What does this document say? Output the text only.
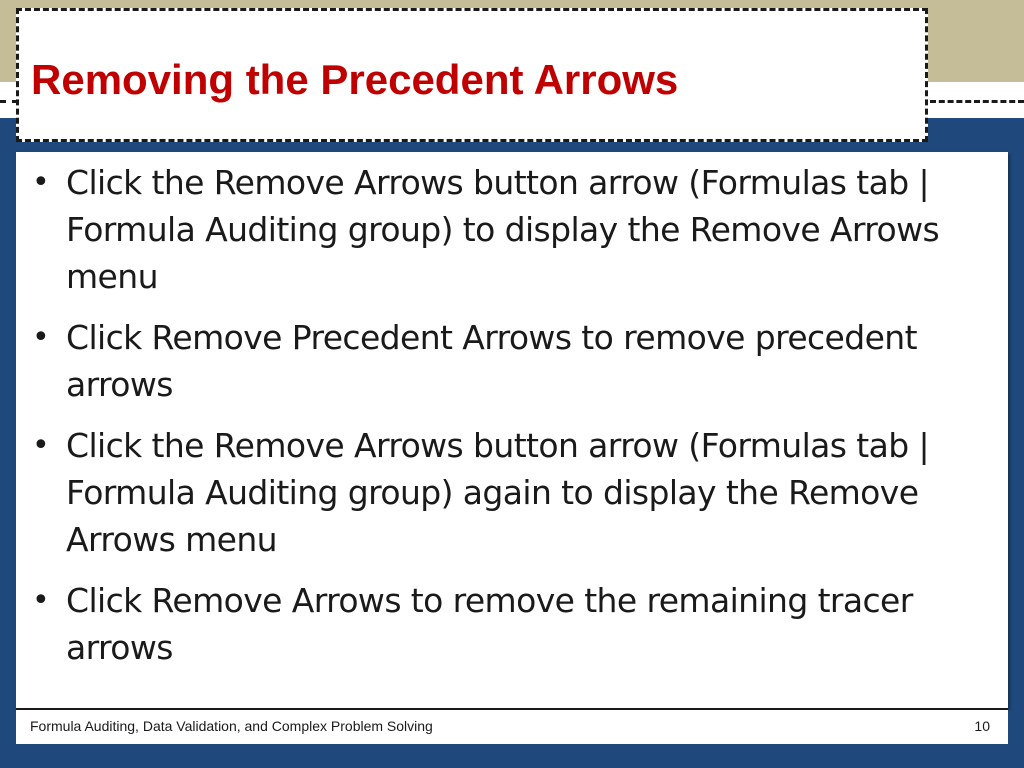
Removing the Precedent Arrows
• Click the Remove Arrows button arrow (Formulas tab | Formula Auditing group) to display the Remove Arrows menu
• Click Remove Precedent Arrows to remove precedent arrows
• Click the Remove Arrows button arrow (Formulas tab | Formula Auditing group) again to display the Remove Arrows menu
• Click Remove Arrows to remove the remaining tracer arrows
Formula Auditing, Data Validation, and Complex Problem Solving	10
